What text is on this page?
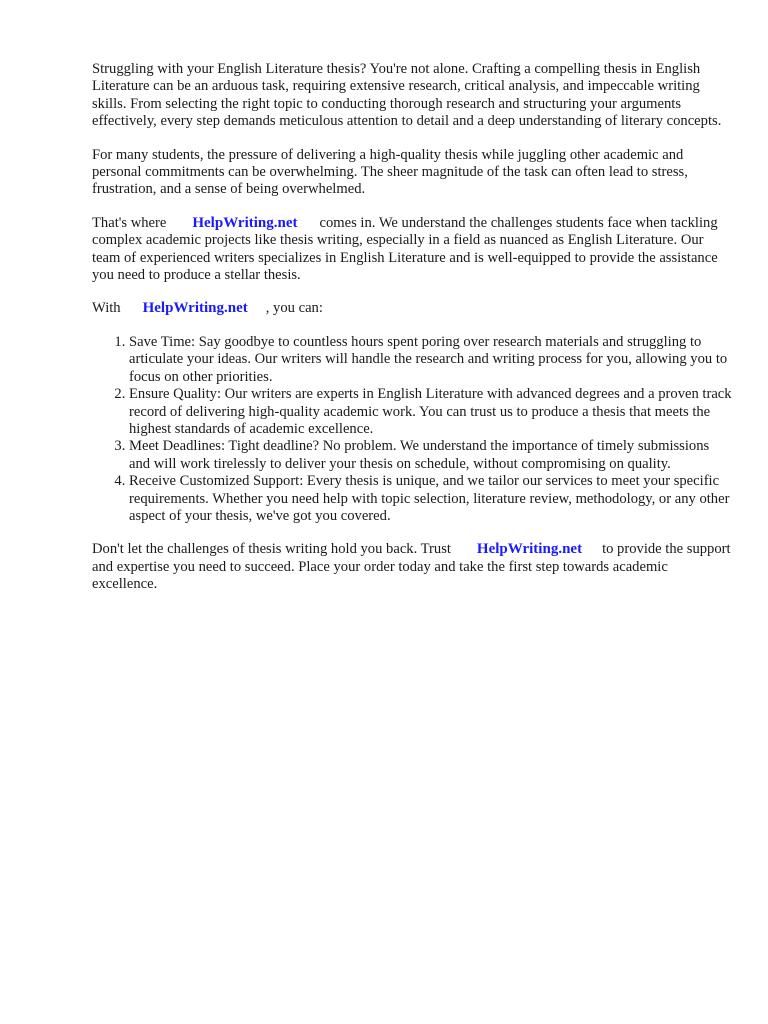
Struggling with your English Literature thesis? You're not alone. Crafting a compelling thesis in English Literature can be an arduous task, requiring extensive research, critical analysis, and impeccable writing skills. From selecting the right topic to conducting thorough research and structuring your arguments effectively, every step demands meticulous attention to detail and a deep understanding of literary concepts.

For many students, the pressure of delivering a high-quality thesis while juggling other academic and personal commitments can be overwhelming. The sheer magnitude of the task can often lead to stress, frustration, and a sense of being overwhelmed.

That's where HelpWriting.net comes in. We understand the challenges students face when tackling complex academic projects like thesis writing, especially in a field as nuanced as English Literature. Our team of experienced writers specializes in English Literature and is well-equipped to provide the assistance you need to produce a stellar thesis.

With HelpWriting.net , you can:

1. Save Time: Say goodbye to countless hours spent poring over research materials and struggling to articulate your ideas. Our writers will handle the research and writing process for you, allowing you to focus on other priorities.
2. Ensure Quality: Our writers are experts in English Literature with advanced degrees and a proven track record of delivering high-quality academic work. You can trust us to produce a thesis that meets the highest standards of academic excellence.
3. Meet Deadlines: Tight deadline? No problem. We understand the importance of timely submissions and will work tirelessly to deliver your thesis on schedule, without compromising on quality.
4. Receive Customized Support: Every thesis is unique, and we tailor our services to meet your specific requirements. Whether you need help with topic selection, literature review, methodology, or any other aspect of your thesis, we've got you covered.

Don't let the challenges of thesis writing hold you back. Trust HelpWriting.net to provide the support and expertise you need to succeed. Place your order today and take the first step towards academic excellence.
